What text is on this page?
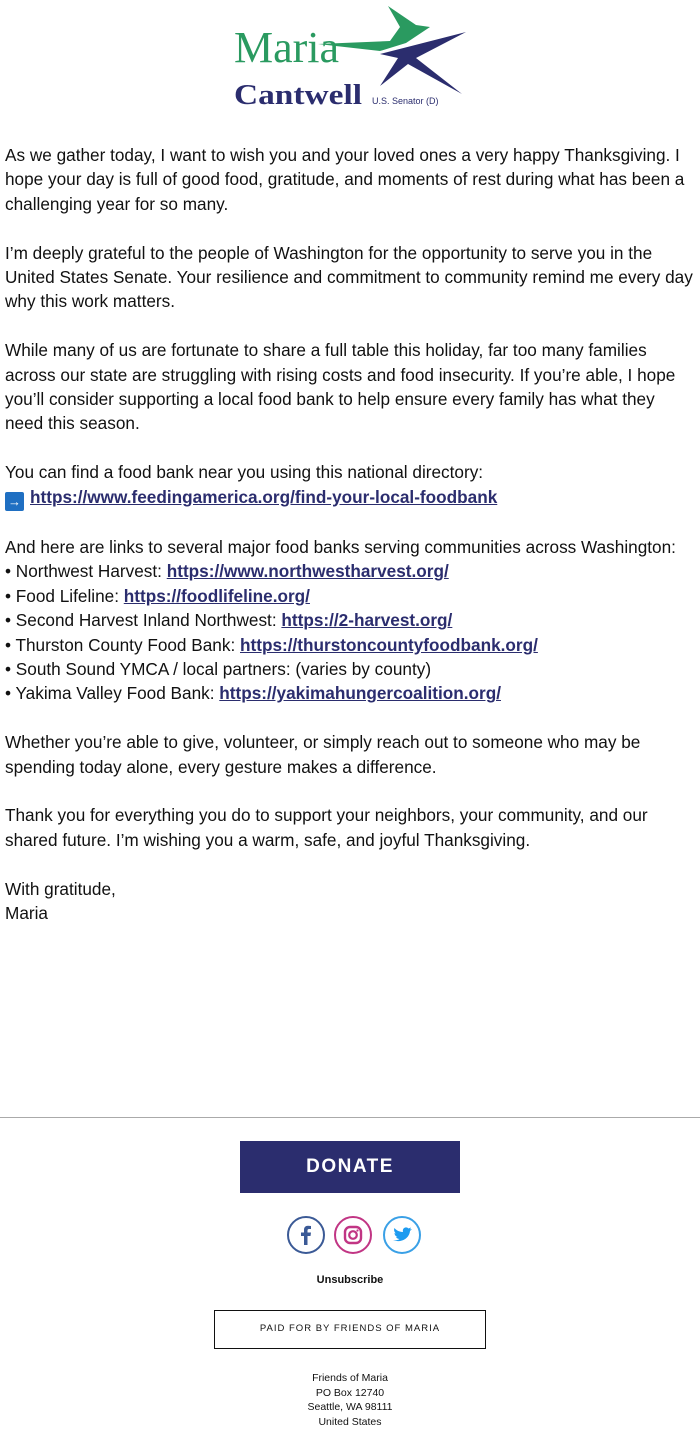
Maria
Cantwell U.S. Senator (D)

As we gather today, I want to wish you and your loved ones a very happy Thanksgiving. I hope your day is full of good food, gratitude, and moments of rest during what has been a challenging year for so many.

I’m deeply grateful to the people of Washington for the opportunity to serve you in the United States Senate. Your resilience and commitment to community remind me every day why this work matters.

While many of us are fortunate to share a full table this holiday, far too many families across our state are struggling with rising costs and food insecurity. If you’re able, I hope you’ll consider supporting a local food bank to help ensure every family has what they need this season.

You can find a food bank near you using this national directory:
→ https://www.feedingamerica.org/find-your-local-foodbank

And here are links to several major food banks serving communities across Washington:
• Northwest Harvest: https://www.northwestharvest.org/
• Food Lifeline: https://foodlifeline.org/
• Second Harvest Inland Northwest: https://2-harvest.org/
• Thurston County Food Bank: https://thurstoncountyfoodbank.org/
• South Sound YMCA / local partners: (varies by county)
• Yakima Valley Food Bank: https://yakimahungercoalition.org/

Whether you’re able to give, volunteer, or simply reach out to someone who may be spending today alone, every gesture makes a difference.

Thank you for everything you do to support your neighbors, your community, and our shared future. I’m wishing you a warm, safe, and joyful Thanksgiving.

With gratitude,
Maria

DONATE
Unsubscribe
PAID FOR BY FRIENDS OF MARIA
Friends of Maria
PO Box 12740
Seattle, WA 98111
United States
